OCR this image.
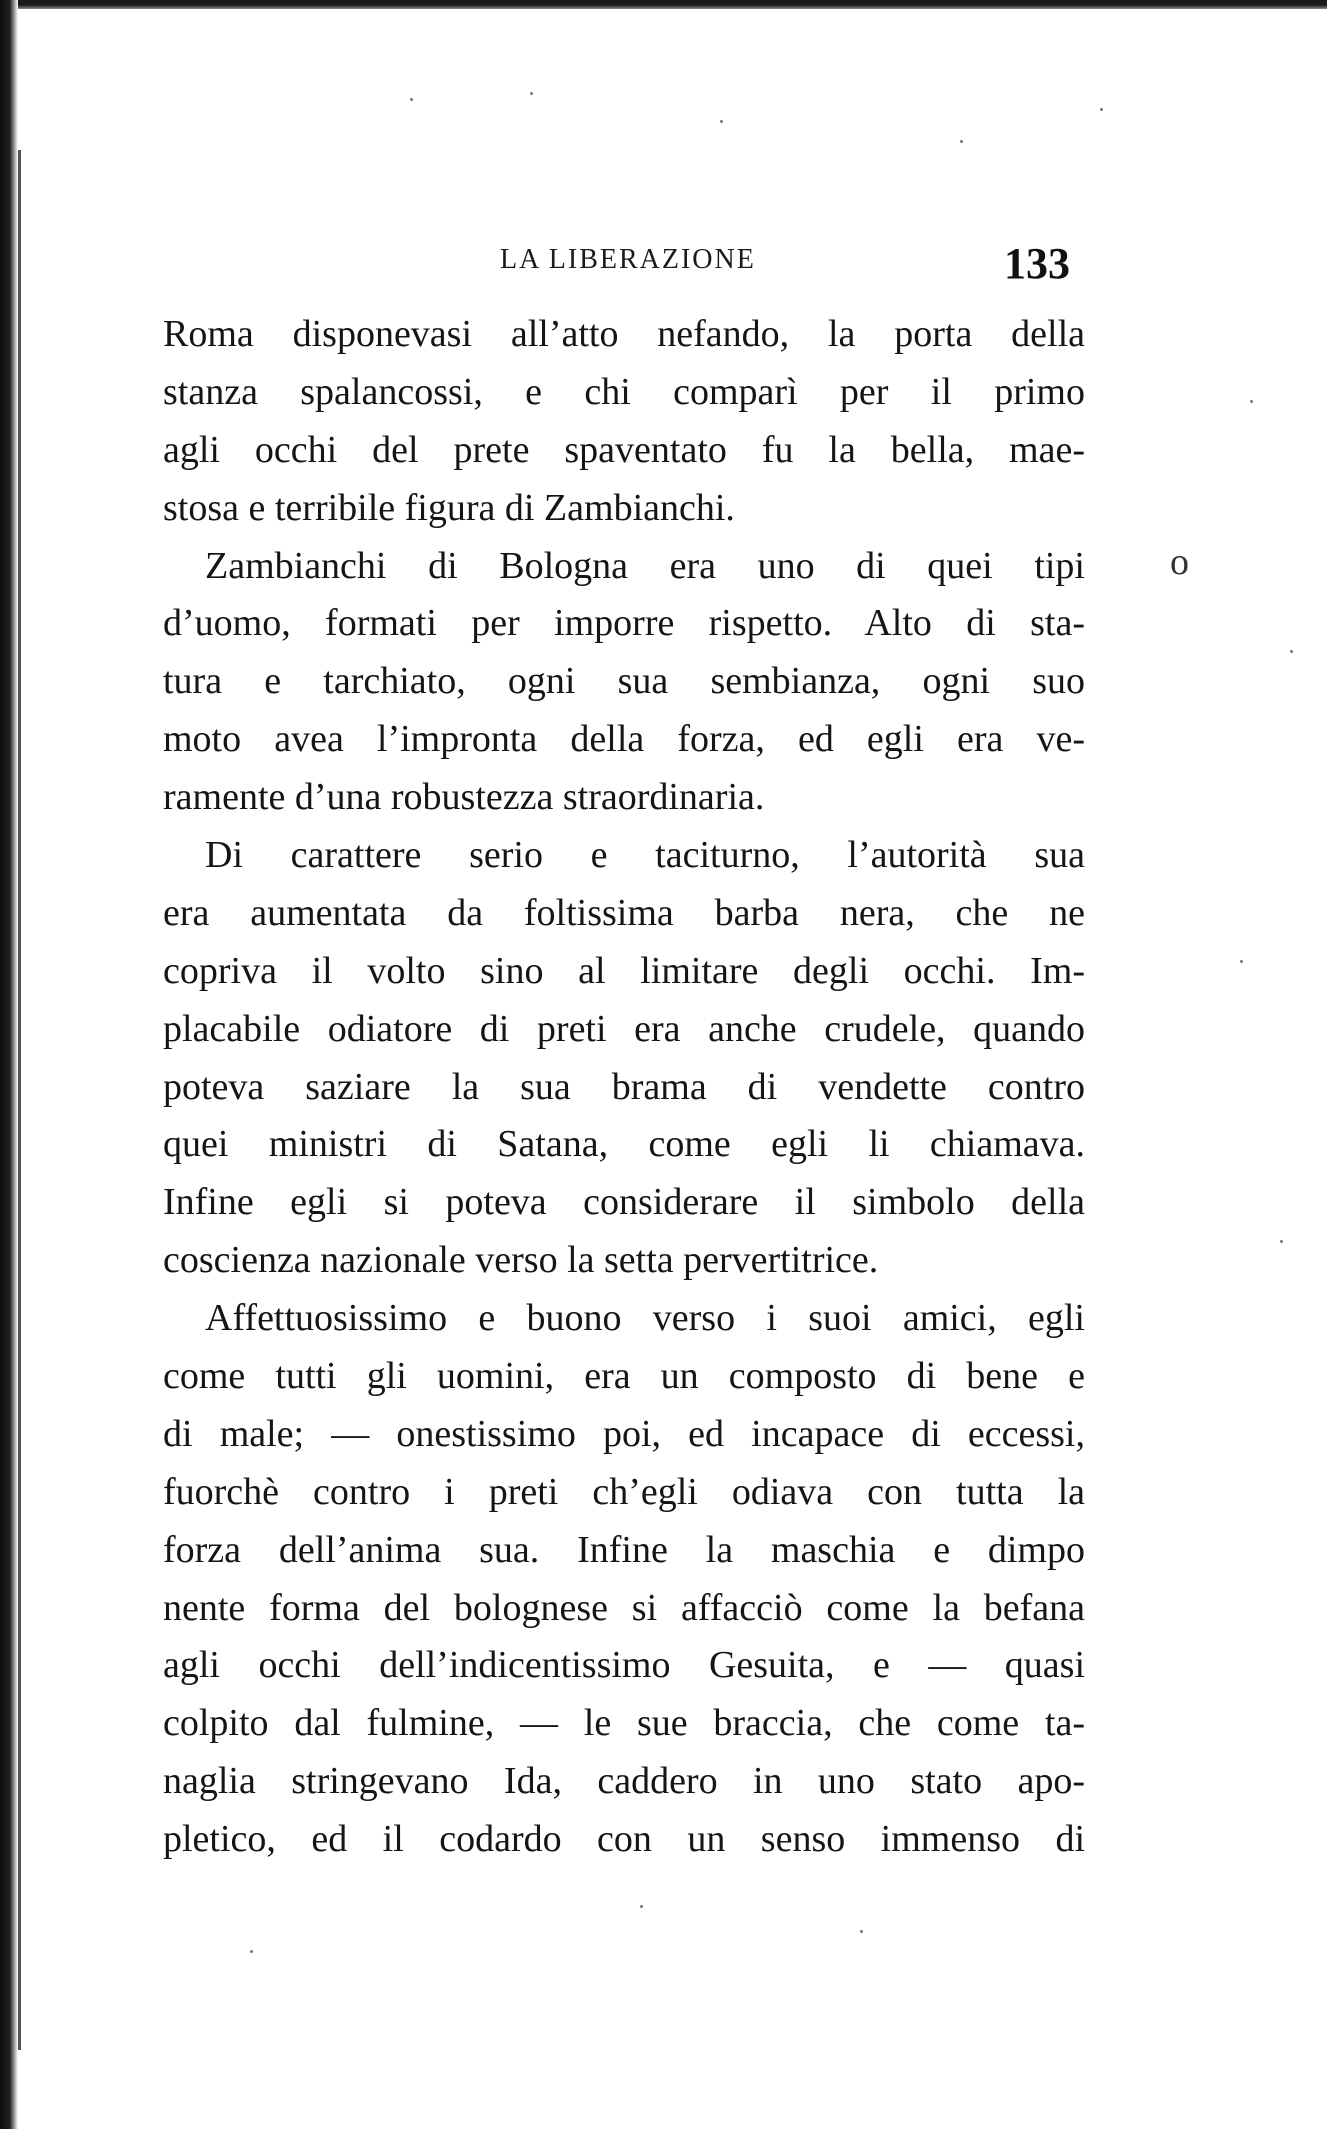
LA LIBERAZIONE	133
o
Roma disponevasi all’atto nefando, la porta della
stanza spalancossi, e chi comparì per il primo
agli occhi del prete spaventato fu la bella, mae-
stosa e terribile figura di Zambianchi.
Zambianchi di Bologna era uno di quei tipi
d’uomo, formati per imporre rispetto. Alto di sta-
tura e tarchiato, ogni sua sembianza, ogni suo
moto avea l’impronta della forza, ed egli era ve-
ramente d’una robustezza straordinaria.
Di carattere serio e taciturno, l’autorità sua
era aumentata da foltissima barba nera, che ne
copriva il volto sino al limitare degli occhi. Im-
placabile odiatore di preti era anche crudele, quando
poteva saziare la sua brama di vendette contro
quei ministri di Satana, come egli li chiamava.
Infine egli si poteva considerare il simbolo della
coscienza nazionale verso la setta pervertitrice.
Affettuosissimo e buono verso i suoi amici, egli
come tutti gli uomini, era un composto di bene e
di male; — onestissimo poi, ed incapace di eccessi,
fuorchè contro i preti ch’egli odiava con tutta la
forza dell’anima sua. Infine la maschia e dimpo
nente forma del bolognese si affacciò come la befana
agli occhi dell’indicentissimo Gesuita, e — quasi
colpito dal fulmine, — le sue braccia, che come ta-
naglia stringevano Ida, caddero in uno stato apo-
pletico, ed il codardo con un senso immenso di
